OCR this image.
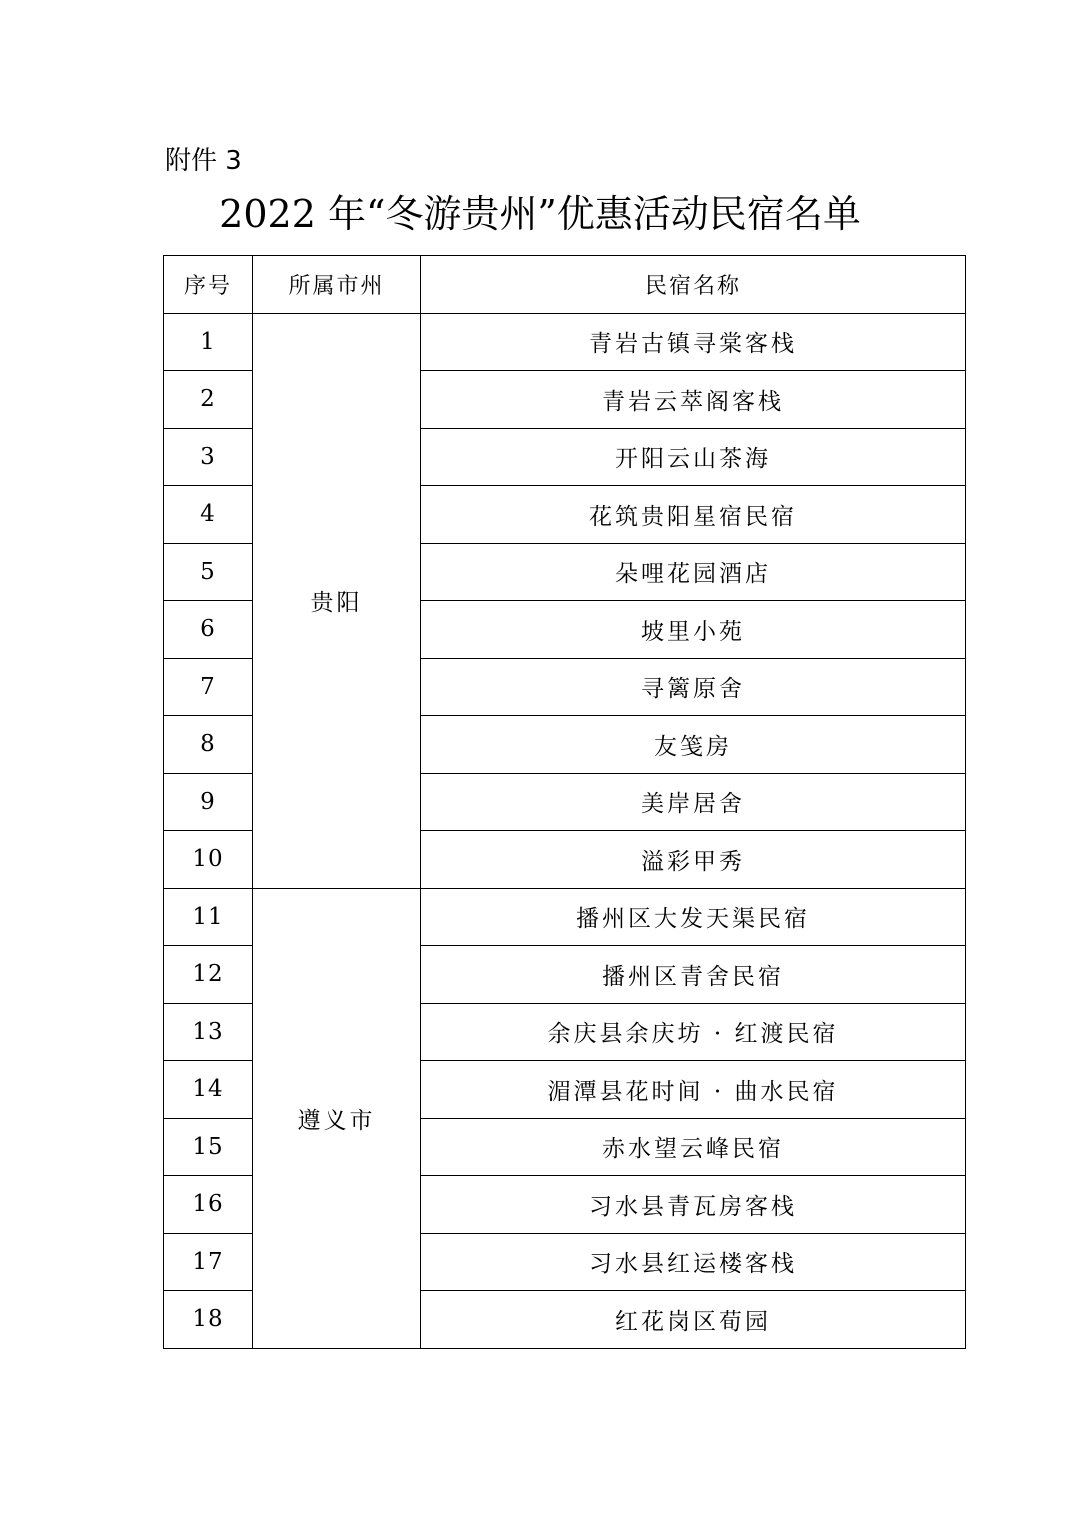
附件 3
2022 年“冬游贵州”优惠活动民宿名单
序号	所属市州	民宿名称
1	贵阳	青岩古镇寻棠客栈
2		青岩云萃阁客栈
3		开阳云山茶海
4		花筑贵阳星宿民宿
5		朵哩花园酒店
6		坡里小苑
7		寻篱原舍
8		友笺房
9		美岸居舍
10		溢彩甲秀
11	遵义市	播州区大发天渠民宿
12		播州区青舍民宿
13		余庆县余庆坊 · 红渡民宿
14		湄潭县花时间 · 曲水民宿
15		赤水望云峰民宿
16		习水县青瓦房客栈
17		习水县红运楼客栈
18		红花岗区荀园
